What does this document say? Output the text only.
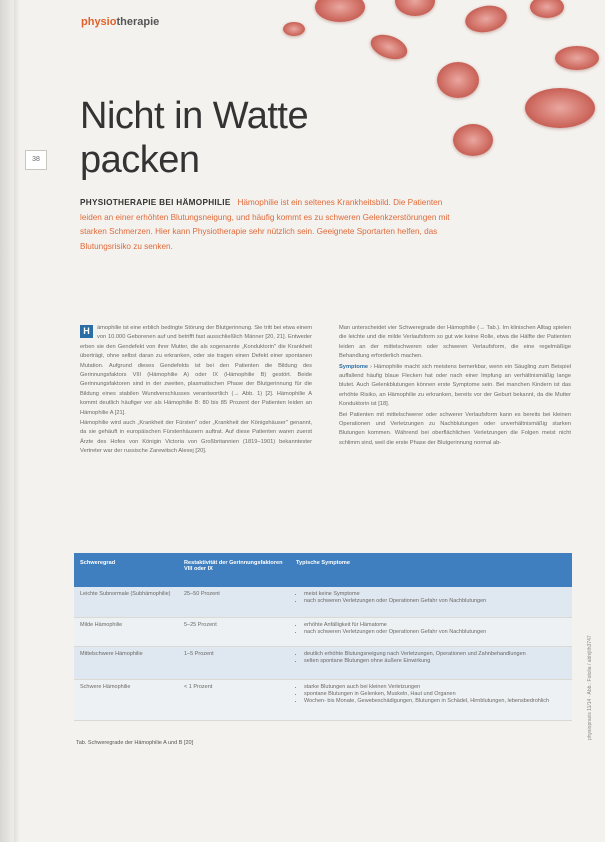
physiotherapie
38
Nicht in Watte
packen
PHYSIOTHERAPIE BEI HÄMOPHILIE Hämophilie ist ein seltenes Krankheitsbild. Die Patienten leiden an einer erhöhten Blutungsneigung, und häufig kommt es zu schweren Gelenkzerstörungen mit starken Schmerzen. Hier kann Physiotherapie sehr nützlich sein. Geeignete Sportarten helfen, das Blutungsrisiko zu senken.

H	ämophilie ist eine erblich bedingte Störung der Blutgerinnung. Sie tritt bei etwa einem von 10.000 Geborenen auf und betrifft fast ausschließlich Männer [20, 21]. Entweder erben sie den Gendefekt von ihrer Mutter, die als sogenannte „Konduktorin" die Krankheit überträgt, ohne selbst daran zu erkranken, oder sie tragen einen Defekt einer spontanen Mutation. Aufgrund dieses Gendefekts ist bei den Patienten die Bildung des Gerinnungsfaktors VIII (Hämophilie A) oder IX (Hämophilie B) gestört. Beide Gerinnungsfaktoren sind in der zweiten, plasmatischen Phase der Blutgerinnung für die Bildung eines stabilen Wundverschlusses verantwortlich (→ Abb. 1) [2]. Hämophilie A kommt deutlich häufiger vor als Hämophilie B: 80 bis 85 Prozent der Patienten leiden an Hämophilie A [21].

Hämophilie wird auch „Krankheit der Fürsten" oder „Krankheit der Königshäuser" genannt, da sie gehäuft in europäischen Fürstenhäusern auftrat. Auf diese Patienten waren zuerst Ärzte des Hofes von Königin Victoria von Großbritannien (1819–1901) bekanntester Vertreter war der russische Zarewitsch Alexej [20].

Man unterscheidet vier Schweregrade der Hämophilie (→ Tab.). Im klinischen Alltag spielen die leichte und die milde Verlaufsform so gut wie keine Rolle, etwa die Hälfte der Patienten leiden an der mittelschweren oder schweren Verlaufsform, die eine regelmäßige Behandlung erforderlich machen.

Symptome › Hämophilie macht sich meistens bemerkbar, wenn ein Säugling zum Beispiel auffallend häufig blaue Flecken hat oder nach einer Impfung an verhältnismäßig lange blutet. Auch Gelenkblutungen können erste Symptome sein. Bei manchen Kindern ist das erhöhte Risiko, an Hämophilie zu erkranken, bereits vor der Geburt bekannt, da die Mutter Konduktorin ist [18].

Bei Patienten mit mittelschwerer oder schwerer Verlaufsform kann es bereits bei kleinen Operationen und Verletzungen zu Nachblutungen oder unverhältnismäßig starken Blutungen kommen. Während bei oberflächlichen Verletzungen die Folgen meist nicht schlimm sind, weil die erste Phase der Blutgerinnung normal ab-

Schweregrad	Restaktivität der Gerinnungsfaktoren VIII oder IX
Typische Symptome
Leichte Subnormale (Subhämophilie)	25–50 Prozent	• meist keine Symptome
• nach schweren Verletzungen oder Operationen Gefahr von Nachblutungen
Milde Hämophilie	5–25 Prozent	• erhöhte Anfälligkeit für Hämatome
• nach schweren Verletzungen oder Operationen Gefahr von Nachblutungen
Mittelschwere Hämophilie	1–5 Prozent	• deutlich erhöhte Blutungsneigung nach Verletzungen, Operationen und Zahnbehandlungen
• selten spontane Blutungen ohne äußere Einwirkung
Schwere Hämophilie	< 1 Prozent	• starke Blutungen auch bei kleinen Verletzungen
• spontane Blutungen in Gelenken, Muskeln, Haut und Organen
• Wochen- bis Monate, Gewebeschädigungen, Blutungen in Schädel, Hirnblutungen, lebensbedrohlich
Tab. Schweregrade der Hämophilie A und B [20]
physiopraxis 11/14 · Abb.: Fotolia / abhijith3747
